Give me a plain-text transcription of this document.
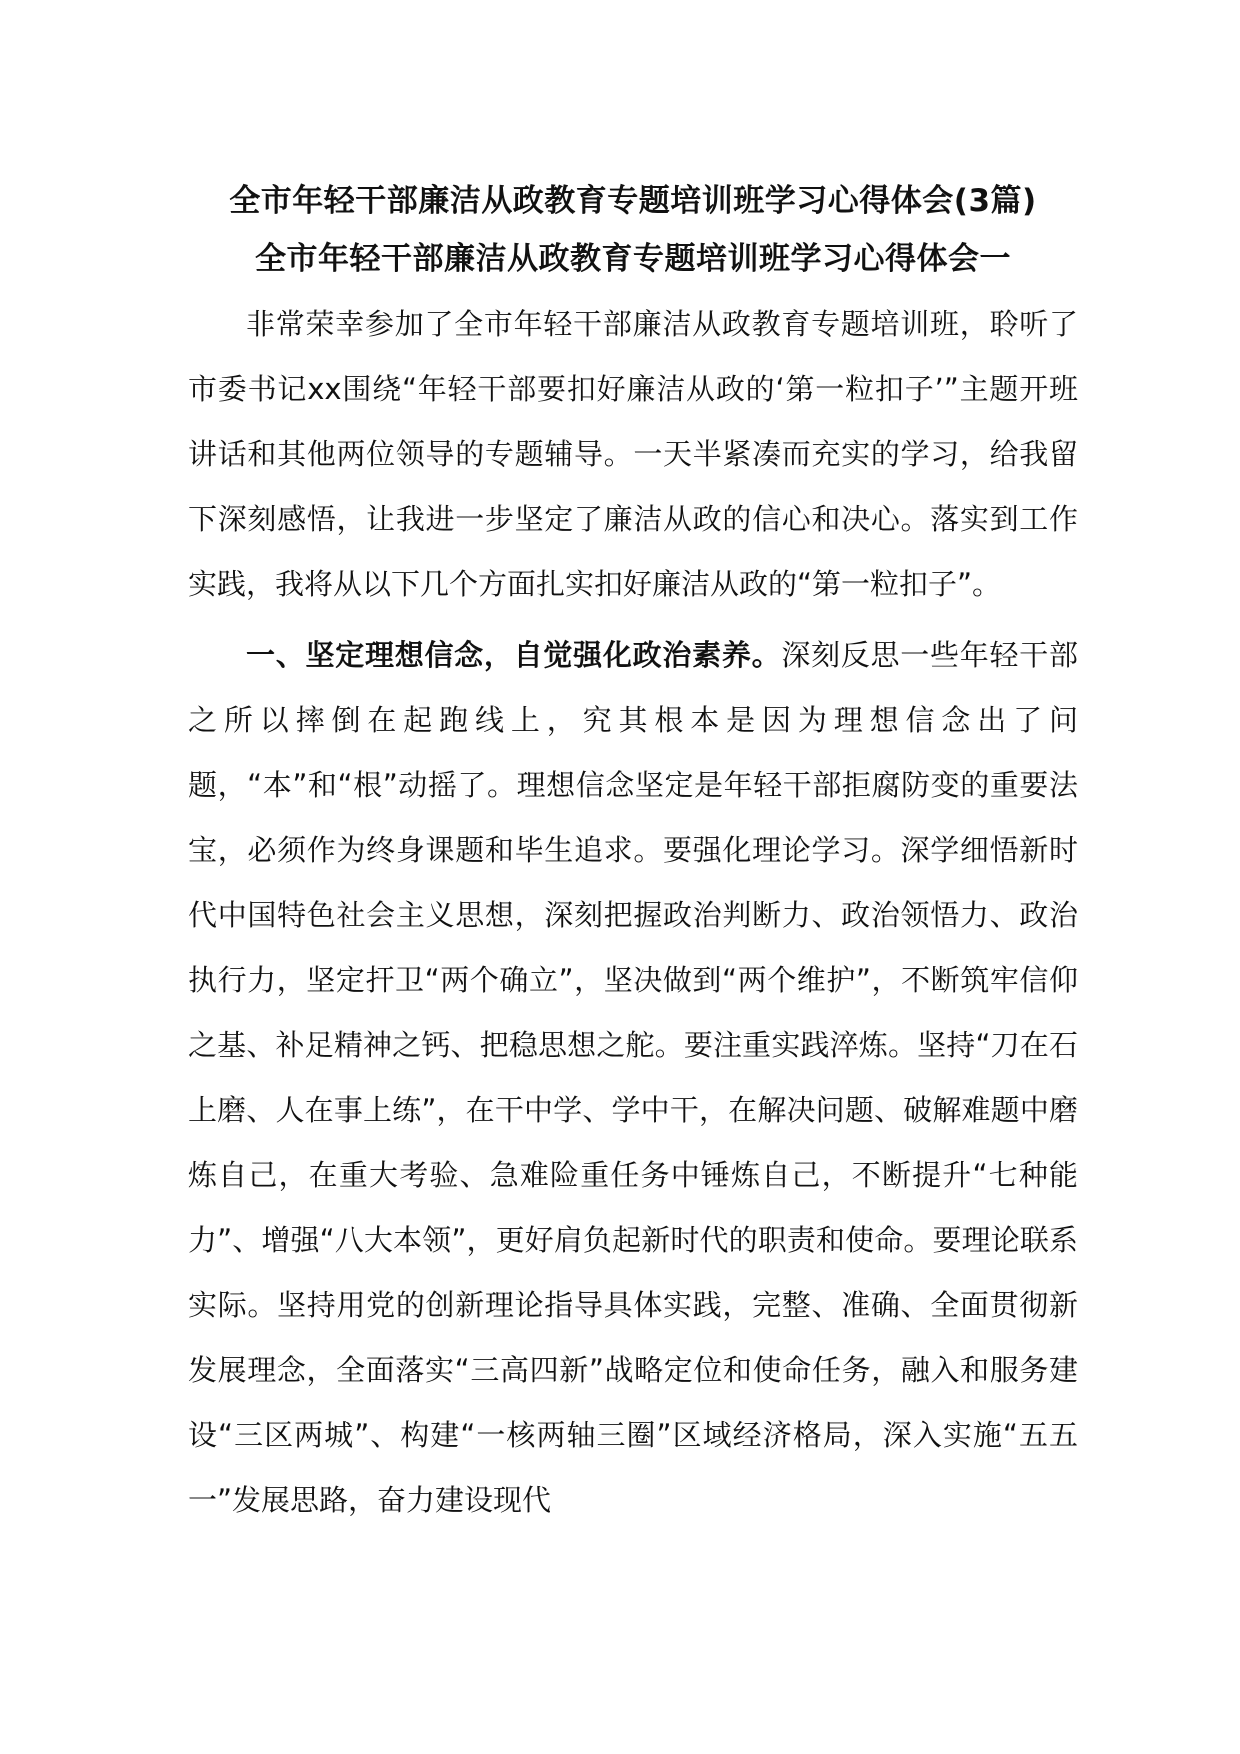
全市年轻干部廉洁从政教育专题培训班学习心得体会(3篇)
全市年轻干部廉洁从政教育专题培训班学习心得体会一

非常荣幸参加了全市年轻干部廉洁从政教育专题培训班，聆听了市委书记xx围绕“年轻干部要扣好廉洁从政的‘第一粒扣子’”主题开班讲话和其他两位领导的专题辅导。一天半紧凑而充实的学习，给我留下深刻感悟，让我进一步坚定了廉洁从政的信心和决心。落实到工作实践，我将从以下几个方面扎实扣好廉洁从政的“第一粒扣子”。

一、坚定理想信念，自觉强化政治素养。深刻反思一些年轻干部之所以摔倒在起跑线上，究其根本是因为理想信念出了问题，“本”和“根”动摇了。理想信念坚定是年轻干部拒腐防变的重要法宝，必须作为终身课题和毕生追求。要强化理论学习。深学细悟新时代中国特色社会主义思想，深刻把握政治判断力、政治领悟力、政治执行力，坚定扞卫“两个确立”，坚决做到“两个维护”，不断筑牢信仰之基、补足精神之钙、把稳思想之舵。要注重实践淬炼。坚持“刀在石上磨、人在事上练”，在干中学、学中干，在解决问题、破解难题中磨炼自己，在重大考验、急难险重任务中锤炼自己，不断提升“七种能力”、增强“八大本领”，更好肩负起新时代的职责和使命。要理论联系实际。坚持用党的创新理论指导具体实践，完整、准确、全面贯彻新发展理念，全面落实“三高四新”战略定位和使命任务，融入和服务建设“三区两城”、构建“一核两轴三圈”区域经济格局，深入实施“五五一”发展思路，奋力建设现代
